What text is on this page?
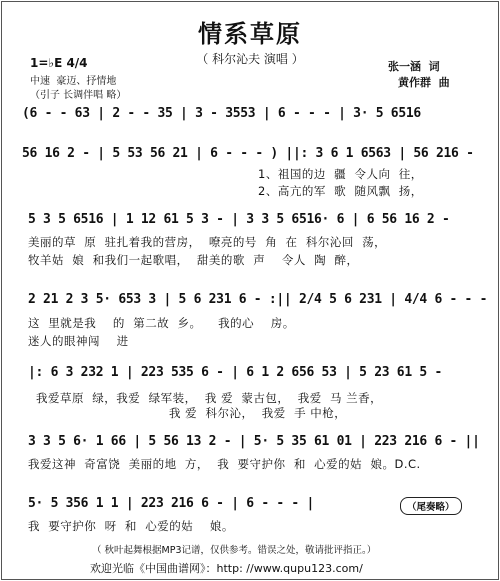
情系草原
（ 科尔沁夫 演唱 ）
1=♭E 4/4
中速  豪迈、抒情地
（引子 长调伴唱 略）
张一涵  词
黄作群  曲
(6 - - 63 | 2 - - 35 | 3 - 3553 | 6 - - - | 3· 5 6516
56 16 2 - | 5 53 56 21 | 6 - - - ) ||: 3 6 1 6563 | 56 216 -
1、祖国的边  疆  令人向  往，
2、高亢的军  歌  随风飘  扬，
5 3 5 6516 | 1 12 61 5 3 - | 3 3 5 6516· 6 | 6 56 16 2 -
美丽的草  原  驻扎着我的营房，  嘹亮的号  角  在  科尔沁回  荡，
牧羊姑  娘  和我们一起歌唱，  甜美的歌  声    令人  陶  醉，
2 21 2 3 5· 653 3 | 5 6 231 6 - :|| 2/4 5 6 231 | 4/4 6 - - -
这  里就是我    的  第二故  乡。    我的心    房。
迷人的眼神闯    进
|: 6 3 232 1 | 223 535 6 - | 6 1 2 656 53 | 5 23 61 5 -
我爱草原  绿，我爱  绿军装，  我 爱  蒙古包，  我爱  马 兰香，
我 爱  科尔沁，  我爱  手 中枪，
3 3 5 6· 1 66 | 5 56 13 2 - | 5· 5 35 61 01 | 223 216 6 - ||
我爱这神  奇富饶  美丽的地  方，  我  要守护你  和  心爱的姑  娘。D.C.
5· 5 356 1 1 | 223 216 6 - | 6 - - - |
我  要守护你  呀  和  心爱的姑    娘。
（尾奏略）
（ 秋叶起舞根据MP3记谱，仅供参考。错误之处，敬请批评指正。）
欢迎光临《中国曲谱网》：http: //www.qupu123.com/
